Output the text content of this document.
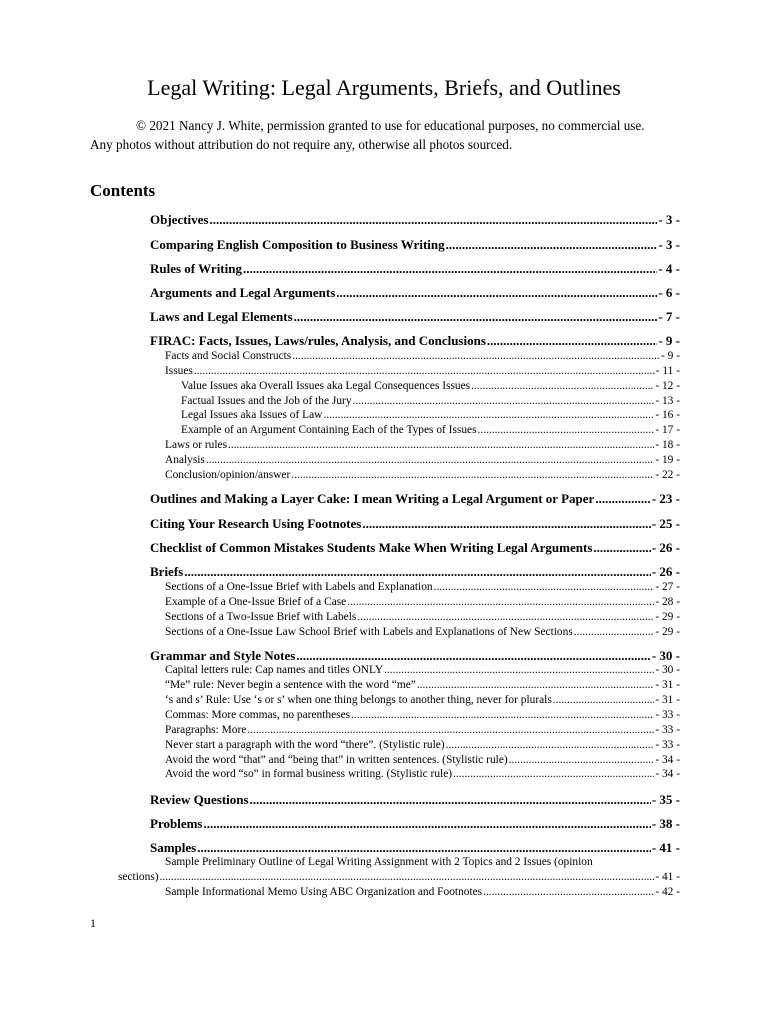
Legal Writing: Legal Arguments, Briefs, and Outlines
© 2021 Nancy J. White, permission granted to use for educational purposes, no commercial use.
Any photos without attribution do not require any, otherwise all photos sourced.
Contents
Objectives .....	- 3 -
Comparing English Composition to Business Writing .....	- 3 -
Rules of Writing .....	- 4 -
Arguments and Legal Arguments .....	- 6 -
Laws and Legal Elements .....	- 7 -
FIRAC: Facts, Issues, Laws/rules, Analysis, and Conclusions .....	- 9 -
Facts and Social Constructs .....	- 9 -
Issues .....	- 11 -
Value Issues aka Overall Issues aka Legal Consequences Issues .....	- 12 -
Factual Issues and the Job of the Jury .....	- 13 -
Legal Issues aka Issues of Law .....	- 16 -
Example of an Argument Containing Each of the Types of Issues .....	- 17 -
Laws or rules .....	- 18 -
Analysis .....	- 19 -
Conclusion/opinion/answer .....	- 22 -
Outlines and Making a Layer Cake: I mean Writing a Legal Argument or Paper .....	- 23 -
Citing Your Research Using Footnotes .....	- 25 -
Checklist of Common Mistakes Students Make When Writing Legal Arguments .....	- 26 -
Briefs .....	- 26 -
Sections of a One-Issue Brief with Labels and Explanation .....	- 27 -
Example of a One-Issue Brief of a Case .....	- 28 -
Sections of a Two-Issue Brief with Labels .....	- 29 -
Sections of a One-Issue Law School Brief with Labels and Explanations of New Sections .....	- 29 -
Grammar and Style Notes .....	- 30 -
Capital letters rule: Cap names and titles ONLY .....	- 30 -
“Me” rule: Never begin a sentence with the word “me” .....	- 31 -
‘s and s’ Rule: Use ‘s or s’ when one thing belongs to another thing, never for plurals .....	- 31 -
Commas: More commas, no parentheses .....	- 33 -
Paragraphs: More .....	- 33 -
Never start a paragraph with the word “there”. (Stylistic rule) .....	- 33 -
Avoid the word “that” and “being that” in written sentences. (Stylistic rule) .....	- 34 -
Avoid the word “so” in formal business writing. (Stylistic rule) .....	- 34 -
Review Questions .....	- 35 -
Problems .....	- 38 -
Samples .....	- 41 -
Sample Preliminary Outline of Legal Writing Assignment with 2 Topics and 2 Issues (opinion
sections) .....	- 41 -
Sample Informational Memo Using ABC Organization and Footnotes .....	- 42 -
1
